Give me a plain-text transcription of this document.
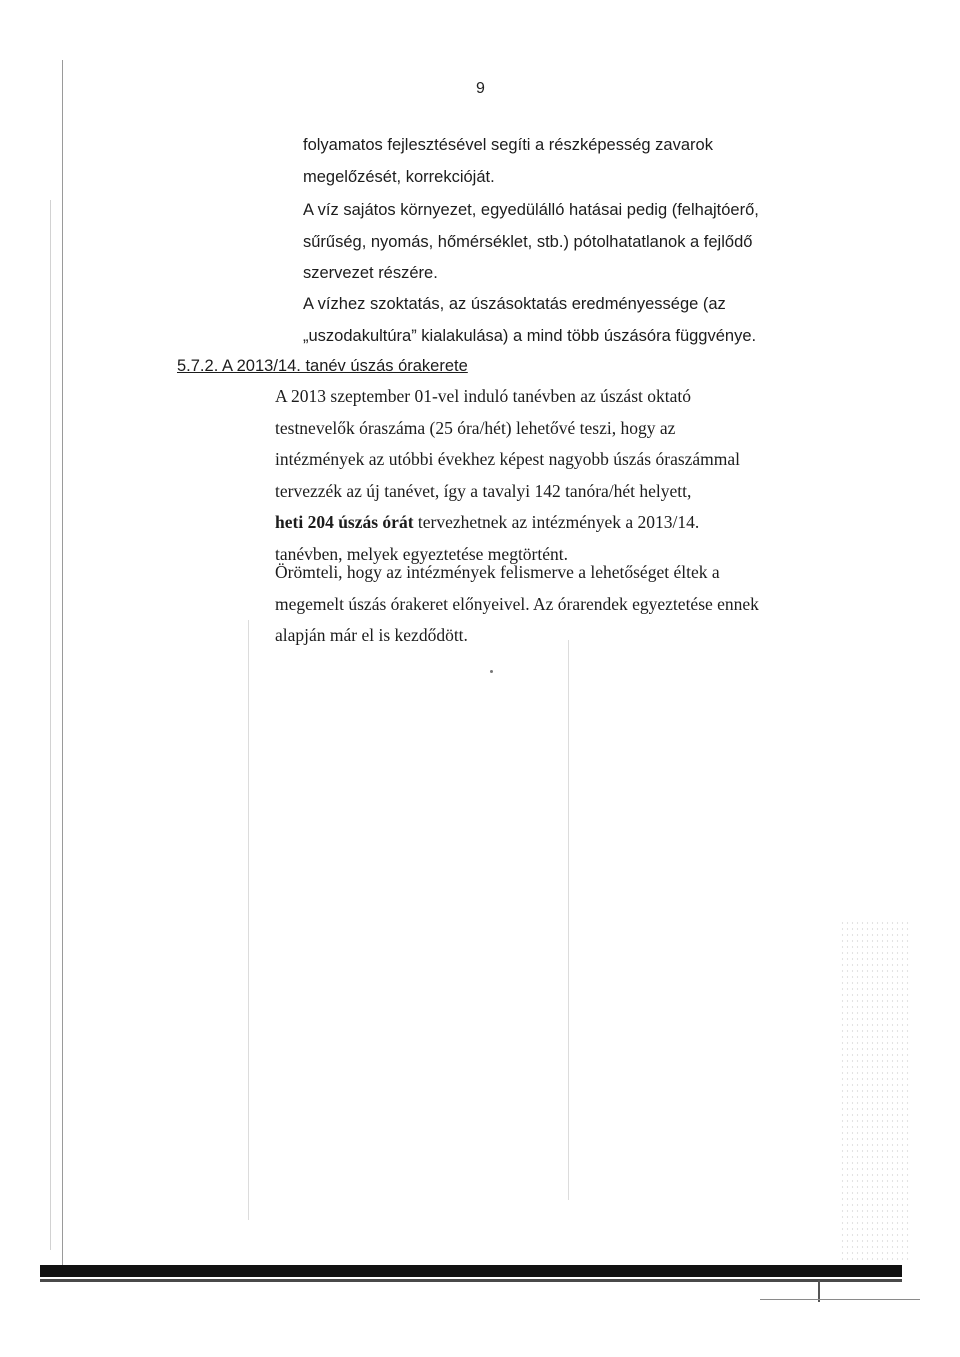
9
folyamatos fejlesztésével segíti a részképesség zavarok
megelőzését, korrekcióját.
A víz sajátos környezet, egyedülálló hatásai pedig (felhajtóerő,
sűrűség, nyomás, hőmérséklet, stb.) pótolhatatlanok a fejlődő
szervezet részére.
A vízhez szoktatás, az úszásoktatás eredményessége (az
„uszodakultúra” kialakulása) a mind több úszásóra függvénye.
5.7.2. A 2013/14. tanév úszás órakerete
A 2013 szeptember 01-vel induló tanévben az úszást oktató
testnevelők óraszáma (25 óra/hét) lehetővé teszi, hogy az
intézmények az utóbbi évekhez képest nagyobb úszás óraszámmal
tervezzék az új tanévet, így a tavalyi 142 tanóra/hét helyett,
heti 204 úszás órát tervezhetnek az intézmények a 2013/14.
tanévben, melyek egyeztetése megtörtént.
Örömteli, hogy az intézmények felismerve a lehetőséget éltek a
megemelt úszás órakeret előnyeivel. Az órarendek egyeztetése ennek
alapján már el is kezdődött.
